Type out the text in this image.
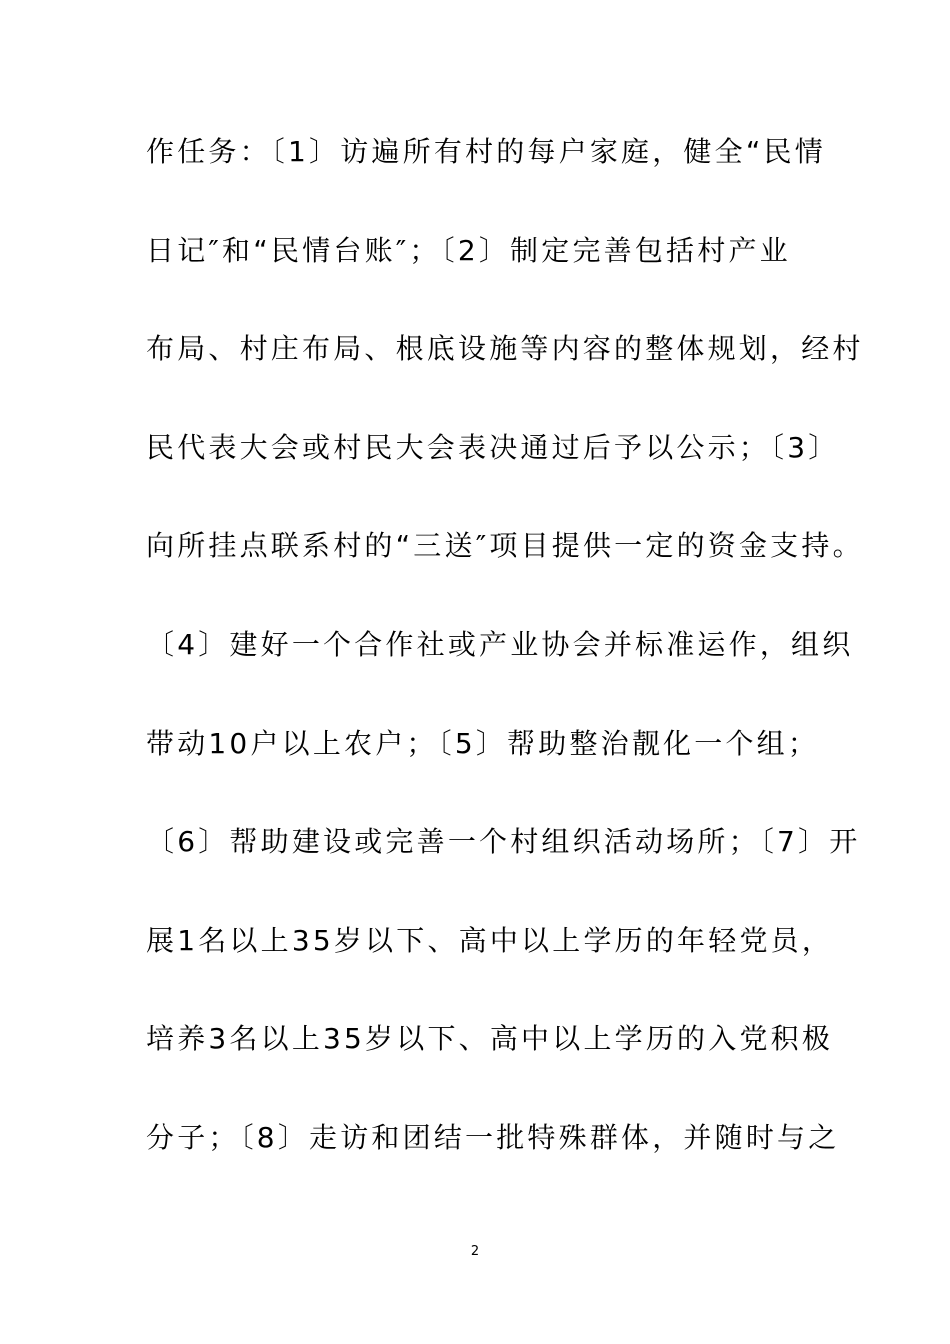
作任务：〔1〕访遍所有村的每户家庭，健全“民情
日记″和“民情台账″；〔2〕制定完善包括村产业
布局、村庄布局、根底设施等内容的整体规划，经村
民代表大会或村民大会表决通过后予以公示；〔3〕
向所挂点联系村的“三送″项目提供一定的资金支持。
〔4〕建好一个合作社或产业协会并标准运作，组织
带动10户以上农户；〔5〕帮助整治靓化一个组；
〔6〕帮助建设或完善一个村组织活动场所；〔7〕开
展1名以上35岁以下、高中以上学历的年轻党员，
培养3名以上35岁以下、高中以上学历的入党积极
分子；〔8〕走访和团结一批特殊群体，并随时与之
2
